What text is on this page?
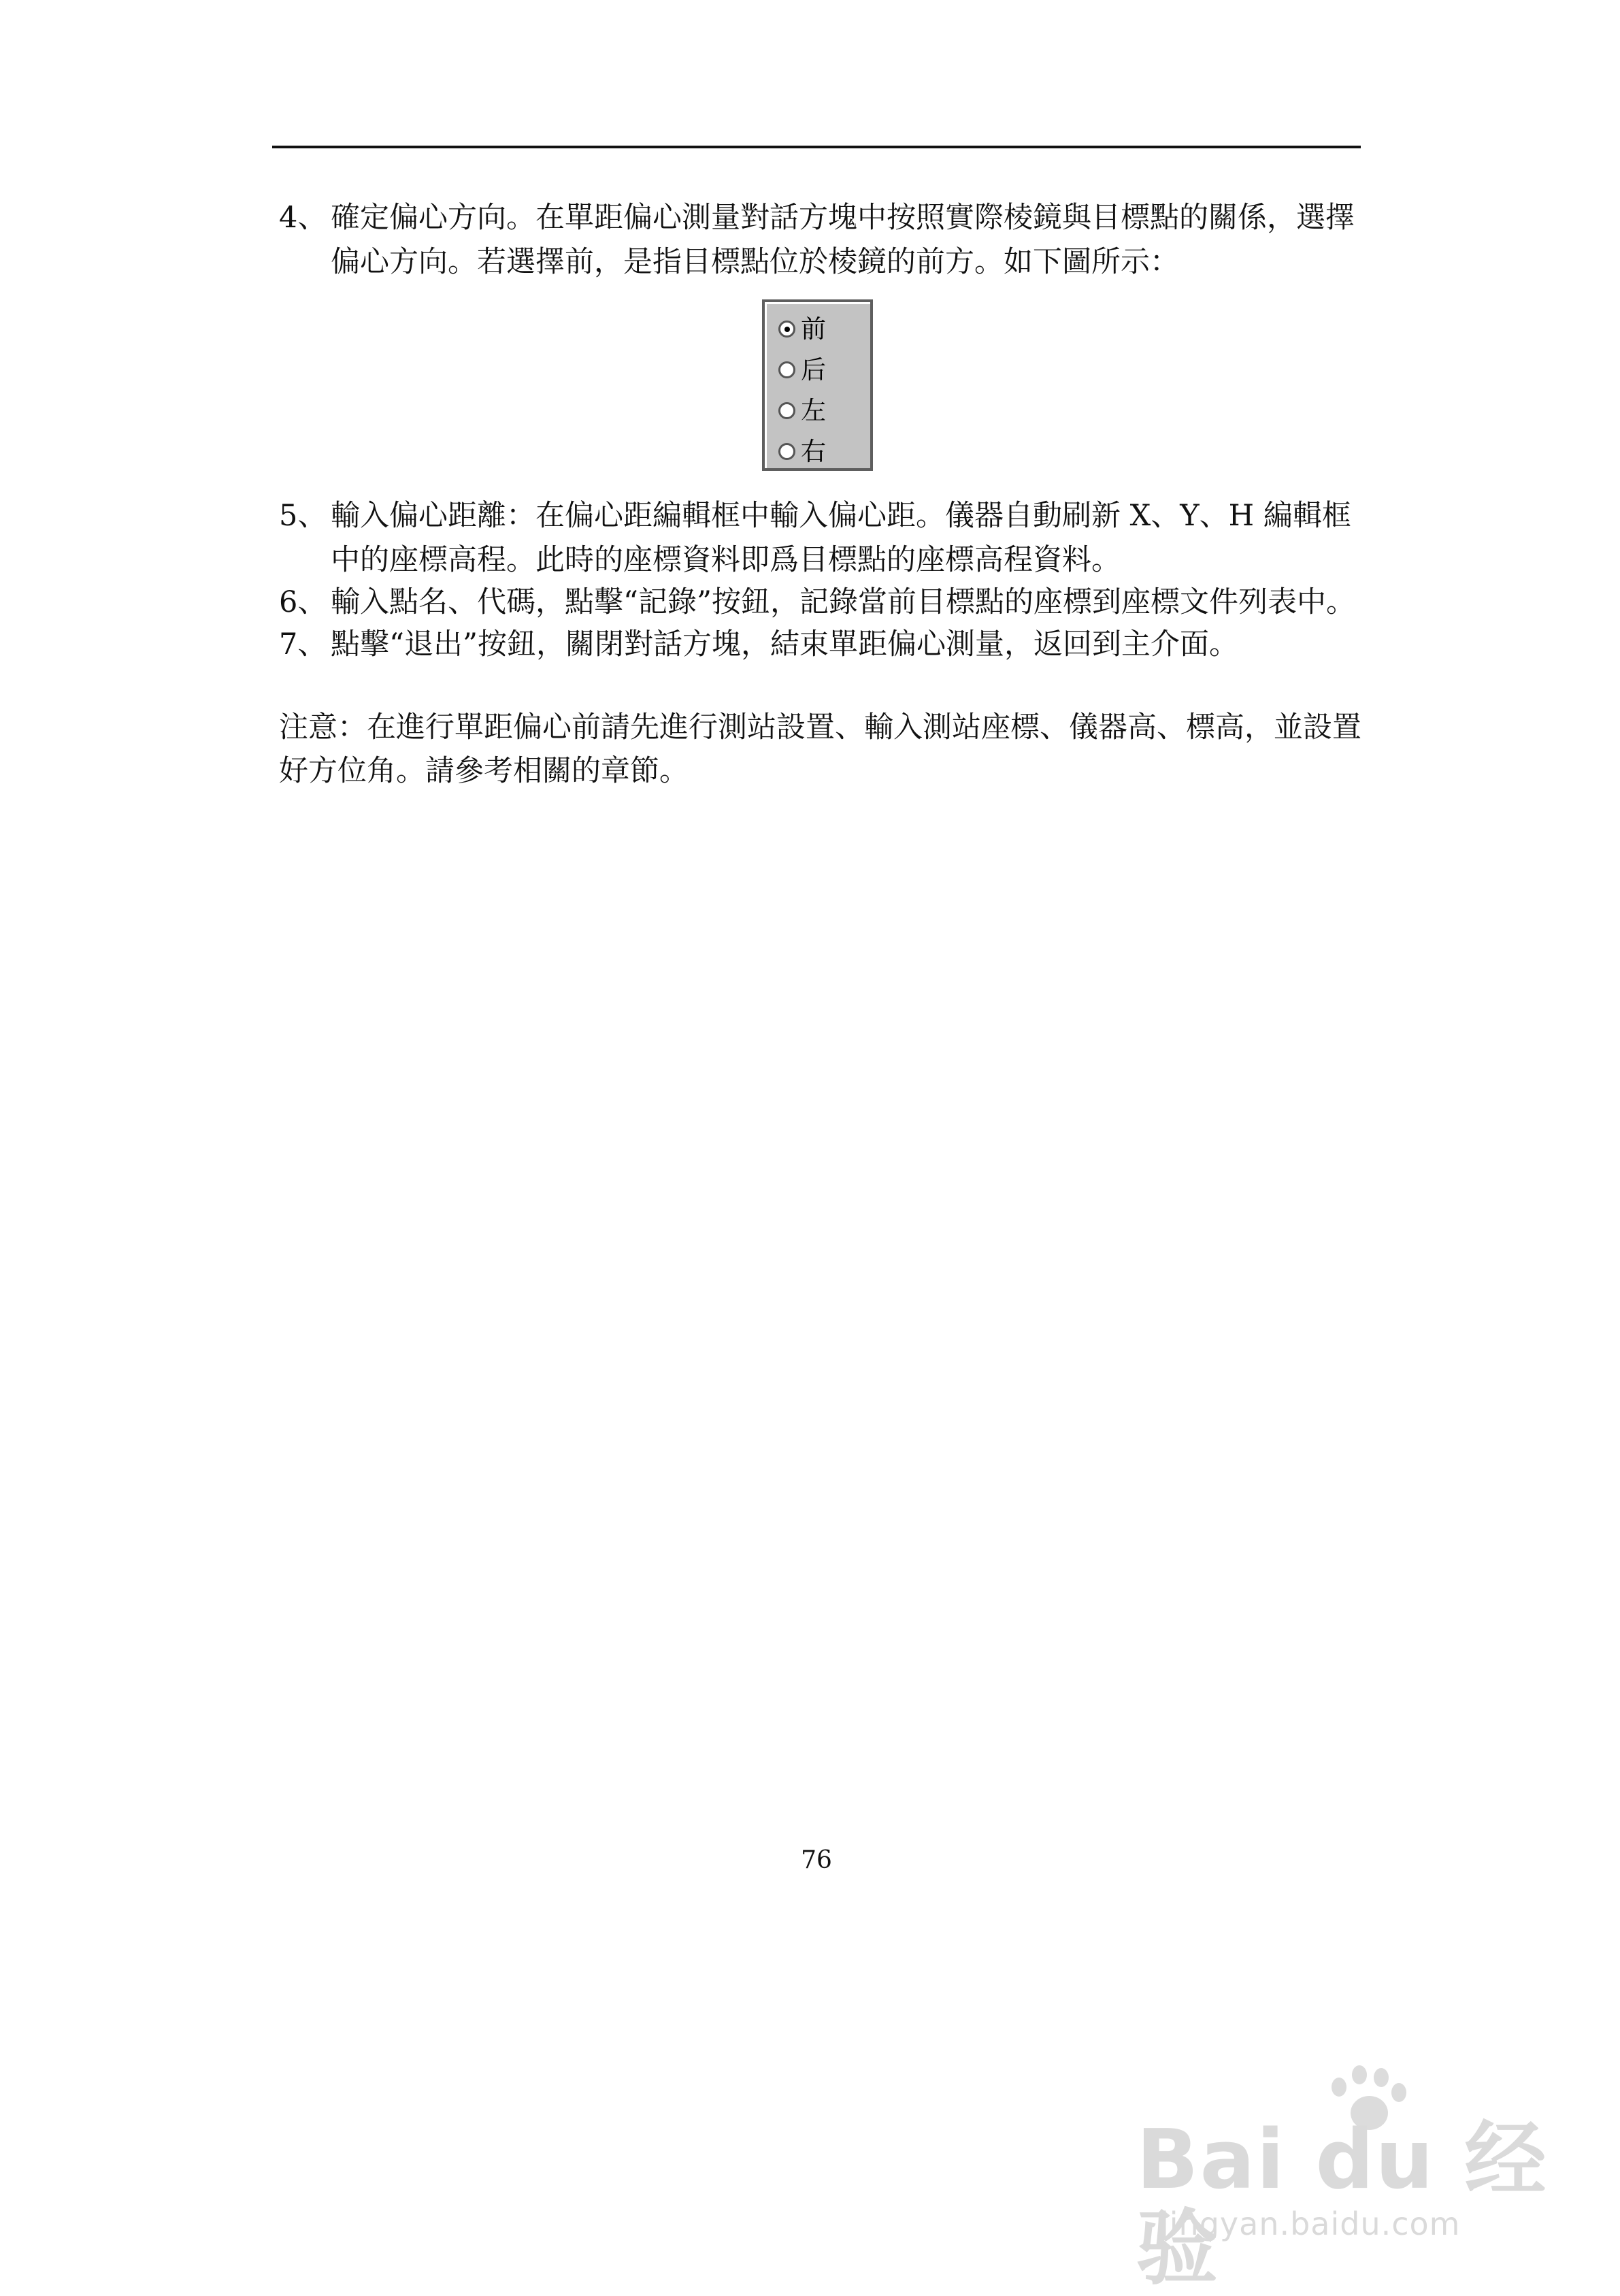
4、 確定偏心方向。在單距偏心測量對話方塊中按照實際棱鏡與目標點的關係，選擇偏心方向。若選擇前，是指目標點位於棱鏡的前方。如下圖所示：
前
后
左
右
5、 輸入偏心距離：在偏心距編輯框中輸入偏心距。儀器自動刷新 X、Y、H 編輯框中的座標高程。此時的座標資料即爲目標點的座標高程資料。
6、 輸入點名、代碼，點擊“記錄”按鈕，記錄當前目標點的座標到座標文件列表中。
7、 點擊“退出”按鈕，關閉對話方塊，結束單距偏心測量，返回到主介面。

注意：在進行單距偏心前請先進行測站設置、輸入測站座標、儀器高、標高，並設置好方位角。請參考相關的章節。

76
Bai du 经验
jingyan.baidu.com
